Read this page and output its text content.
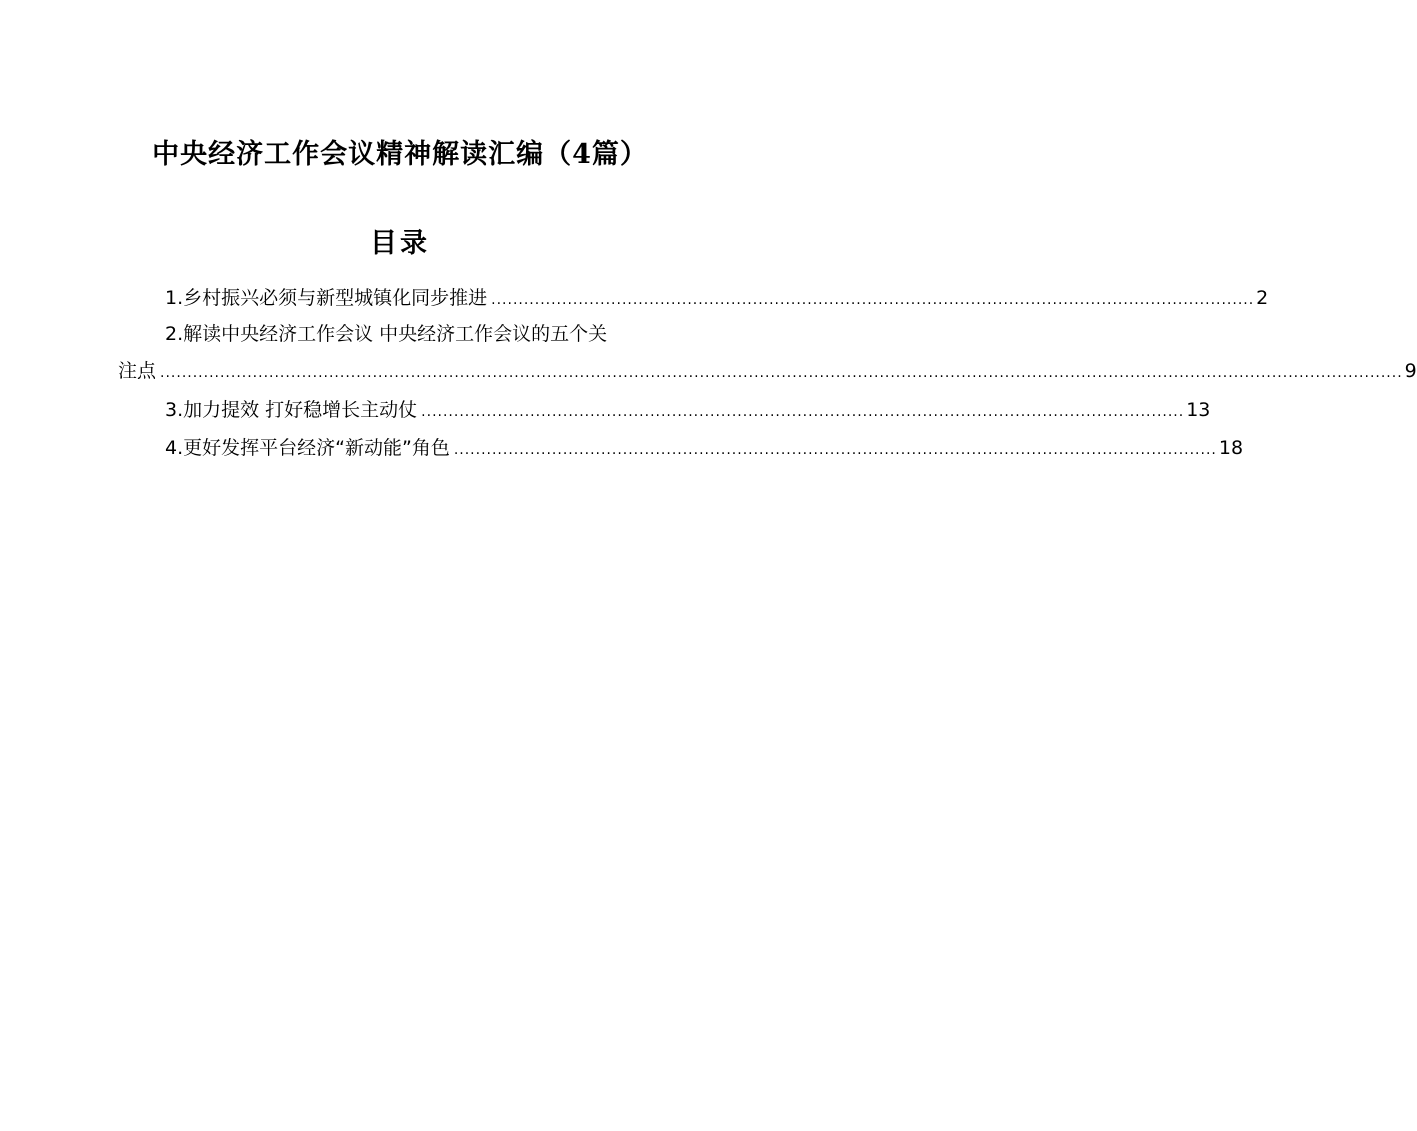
中央经济工作会议精神解读汇编（4篇）
目录
1.乡村振兴必须与新型城镇化同步推进 ............................................................................................................................................ 2
2.解读中央经济工作会议 中央经济工作会议的五个关
注点 .................................................................................................................................................................................................................................... 9
3.加力提效 打好稳增长主动仗 ............................................................................................................................................ 13
4.更好发挥平台经济“新动能”角色 ............................................................................................................................................ 18
